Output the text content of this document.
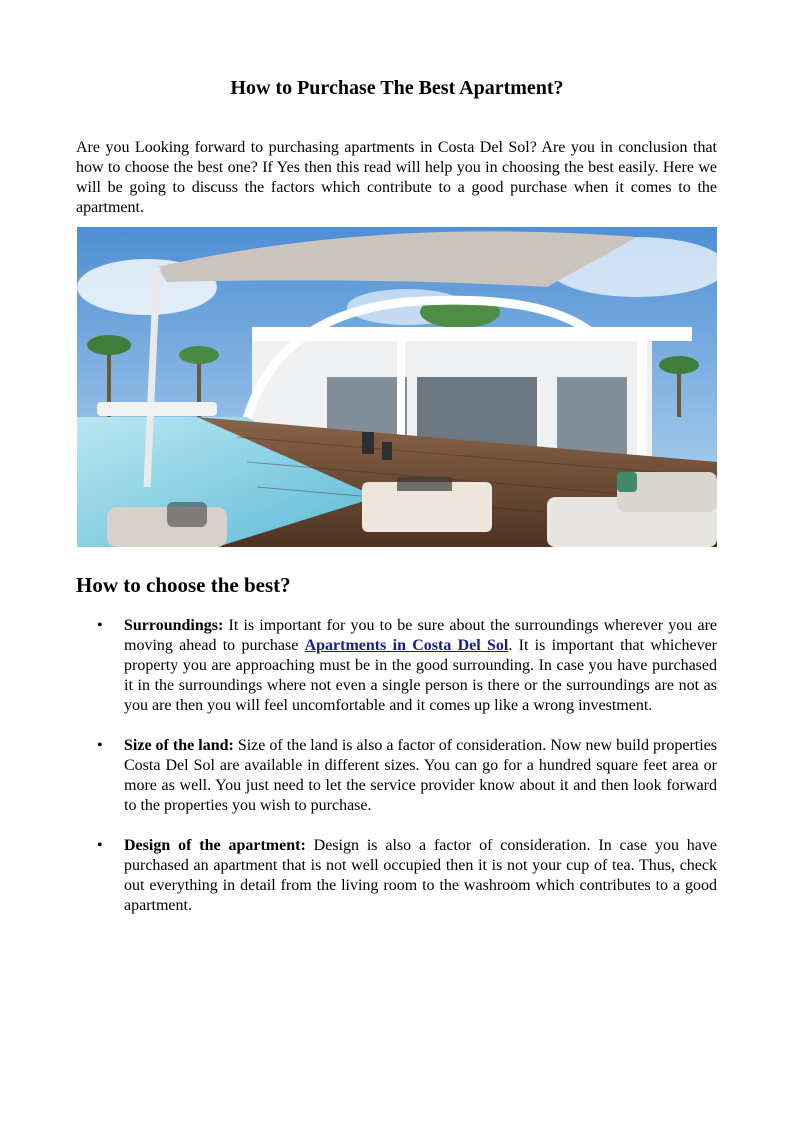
How to Purchase The Best Apartment?

Are you Looking forward to purchasing apartments in Costa Del Sol? Are you in conclusion that how to choose the best one? If Yes then this read will help you in choosing the best easily. Here we will be going to discuss the factors which contribute to a good purchase when it comes to the apartment.

How to choose the best?
• Surroundings: It is important for you to be sure about the surroundings wherever you are moving ahead to purchase Apartments in Costa Del Sol. It is important that whichever property you are approaching must be in the good surrounding. In case you have purchased it in the surroundings where not even a single person is there or the surroundings are not as you are then you will feel uncomfortable and it comes up like a wrong investment.
• Size of the land: Size of the land is also a factor of consideration. Now new build properties Costa Del Sol are available in different sizes. You can go for a hundred square feet area or more as well. You just need to let the service provider know about it and then look forward to the properties you wish to purchase.
• Design of the apartment: Design is also a factor of consideration. In case you have purchased an apartment that is not well occupied then it is not your cup of tea. Thus, check out everything in detail from the living room to the washroom which contributes to a good apartment.
